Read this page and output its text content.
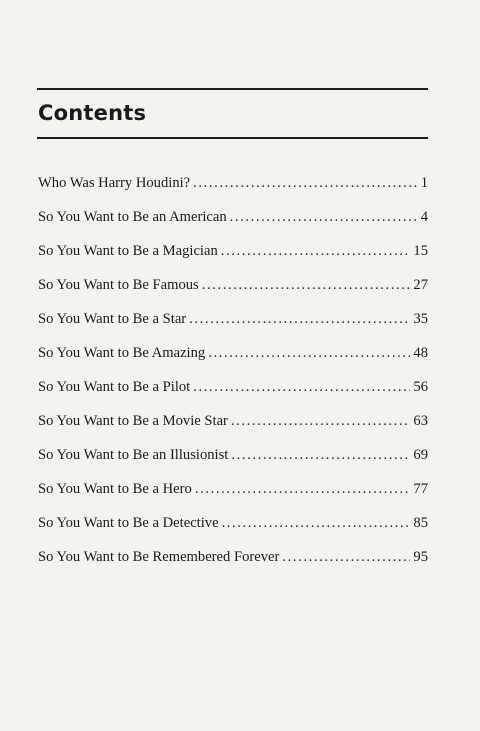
Contents
Who Was Harry Houdini? .....	1
So You Want to Be an American .....	4
So You Want to Be a Magician .....	15
So You Want to Be Famous .....	27
So You Want to Be a Star .....	35
So You Want to Be Amazing .....	48
So You Want to Be a Pilot .....	56
So You Want to Be a Movie Star .....	63
So You Want to Be an Illusionist .....	69
So You Want to Be a Hero .....	77
So You Want to Be a Detective .....	85
So You Want to Be Remembered Forever .....	95
